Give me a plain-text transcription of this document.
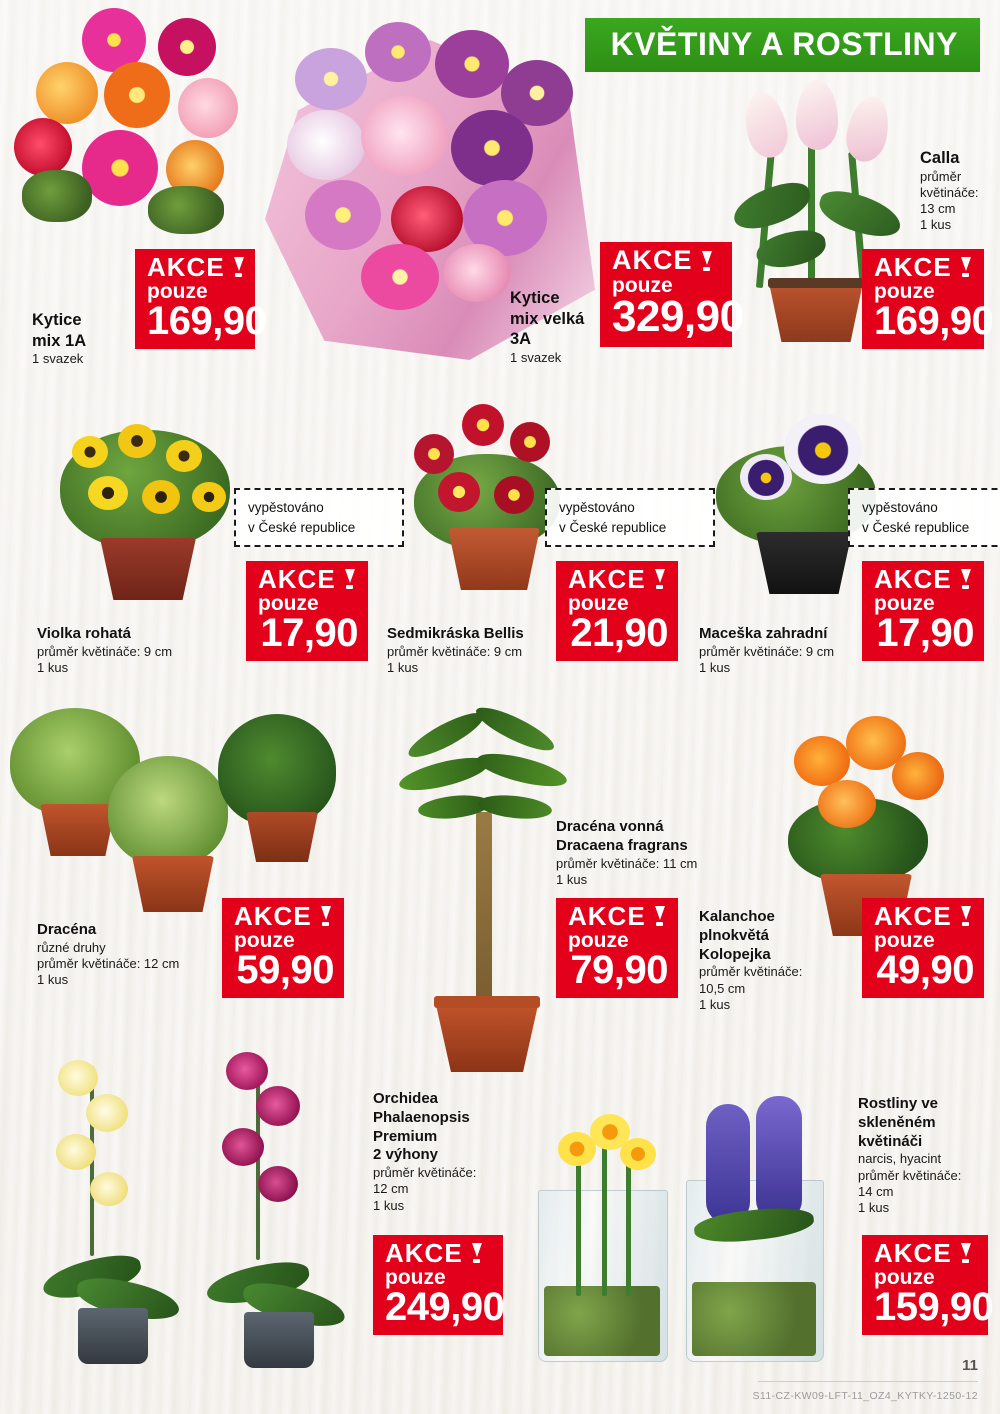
KVĚTINY A ROSTLINY
Kytice
mix 1A
1 svazek
AKCE
pouze
169,90
Kytice
mix velká
3A
1 svazek
AKCE
pouze
329,90
Calla
průměr
květináče:
13 cm
1 kus
AKCE
pouze
169,90
vypěstováno
v České republice
vypěstováno
v České republice
vypěstováno
v České republice
Violka rohatá
průměr květináče: 9 cm
1 kus
AKCE
pouze
17,90 Sedmikráska Bellis
průměr květináče: 9 cm
1 kus
AKCE
pouze
21,90 Maceška zahradní
průměr květináče: 9 cm
1 kus
AKCE
pouze
17,90
Dracéna vonná
Dracaena fragrans
průměr květináče: 11 cm
1 kus
Dracéna
různé druhy
průměr květináče: 12 cm
1 kus
AKCE
pouze
59,90
AKCE
pouze
79,90
Kalanchoe
plnokvětá
Kolopejka
průměr květináče:
10,5 cm
1 kus
AKCE
pouze
49,90
Orchidea
Phalaenopsis
Premium
2 výhony
průměr květináče:
12 cm
1 kus
AKCE
pouze
249,90
Rostliny ve
skleněném
květináči
narcis, hyacint
průměr květináče:
14 cm
1 kus
AKCE
pouze
159,90
11
S11-CZ-KW09-LFT-11_OZ4_KYTKY-1250-12
